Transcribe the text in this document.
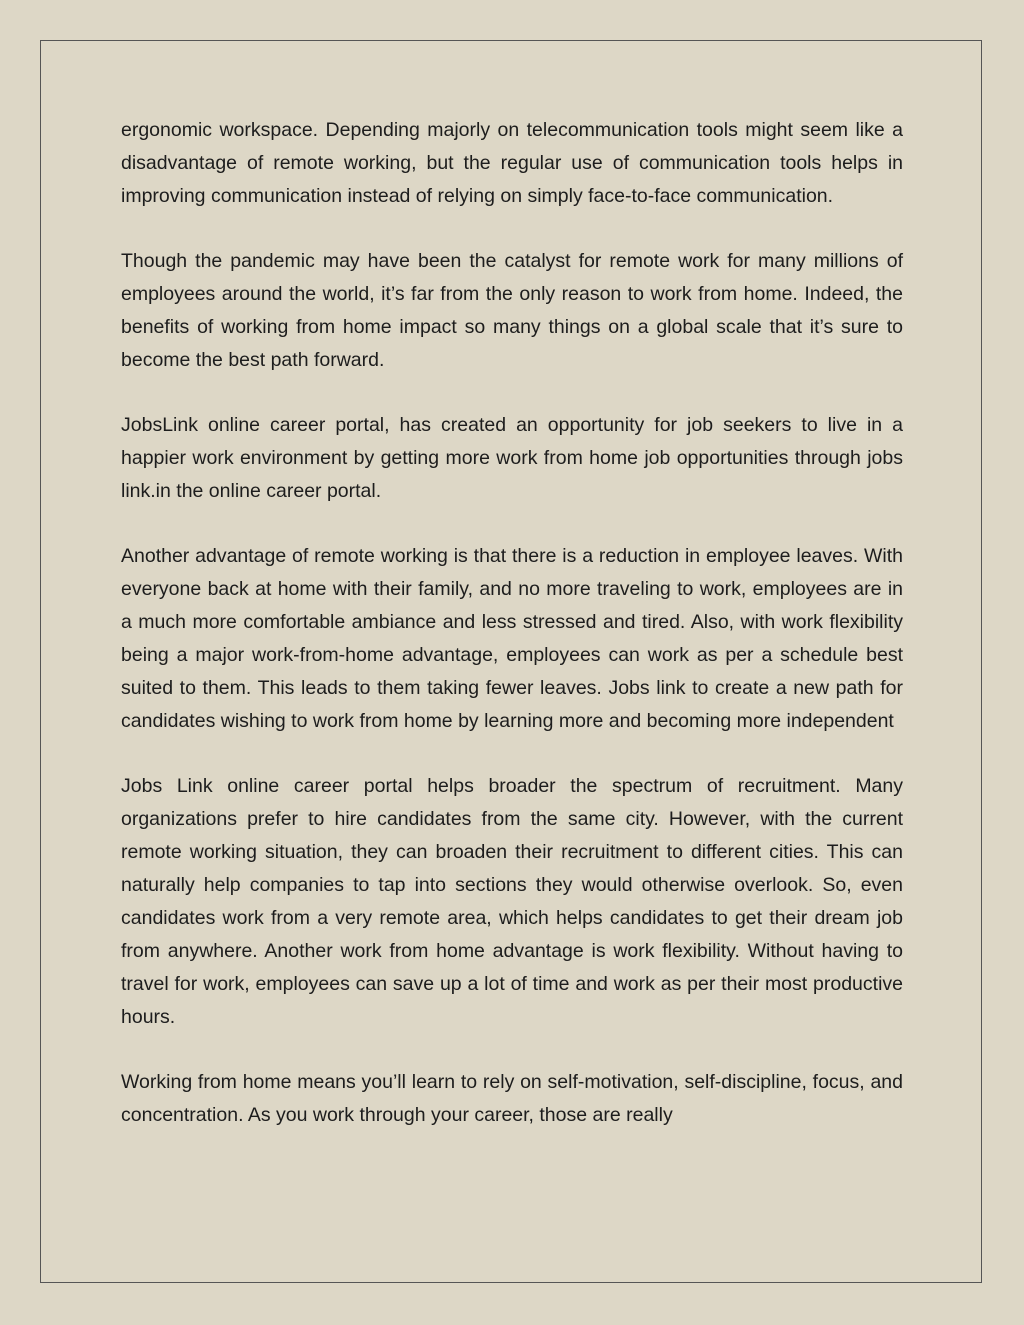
ergonomic workspace. Depending majorly on telecommunication tools might seem like a disadvantage of remote working, but the regular use of communication tools helps in improving communication instead of relying on simply face-to-face communication.

Though the pandemic may have been the catalyst for remote work for many millions of employees around the world, it’s far from the only reason to work from home. Indeed, the benefits of working from home impact so many things on a global scale that it’s sure to become the best path forward.

JobsLink online career portal, has created an opportunity for job seekers to live in a happier work environment by getting more work from home job opportunities through jobs link.in the online career portal.

Another advantage of remote working is that there is a reduction in employee leaves. With everyone back at home with their family, and no more traveling to work, employees are in a much more comfortable ambiance and less stressed and tired. Also, with work flexibility being a major work-from-home advantage, employees can work as per a schedule best suited to them. This leads to them taking fewer leaves. Jobs link to create a new path for candidates wishing to work from home by learning more and becoming more independent

Jobs Link online career portal helps broader the spectrum of recruitment. Many organizations prefer to hire candidates from the same city. However, with the current remote working situation, they can broaden their recruitment to different cities. This can naturally help companies to tap into sections they would otherwise overlook. So, even candidates work from a very remote area, which helps candidates to get their dream job from anywhere. Another work from home advantage is work flexibility. Without having to travel for work, employees can save up a lot of time and work as per their most productive hours.

Working from home means you’ll learn to rely on self-motivation, self-discipline, focus, and concentration. As you work through your career, those are really
